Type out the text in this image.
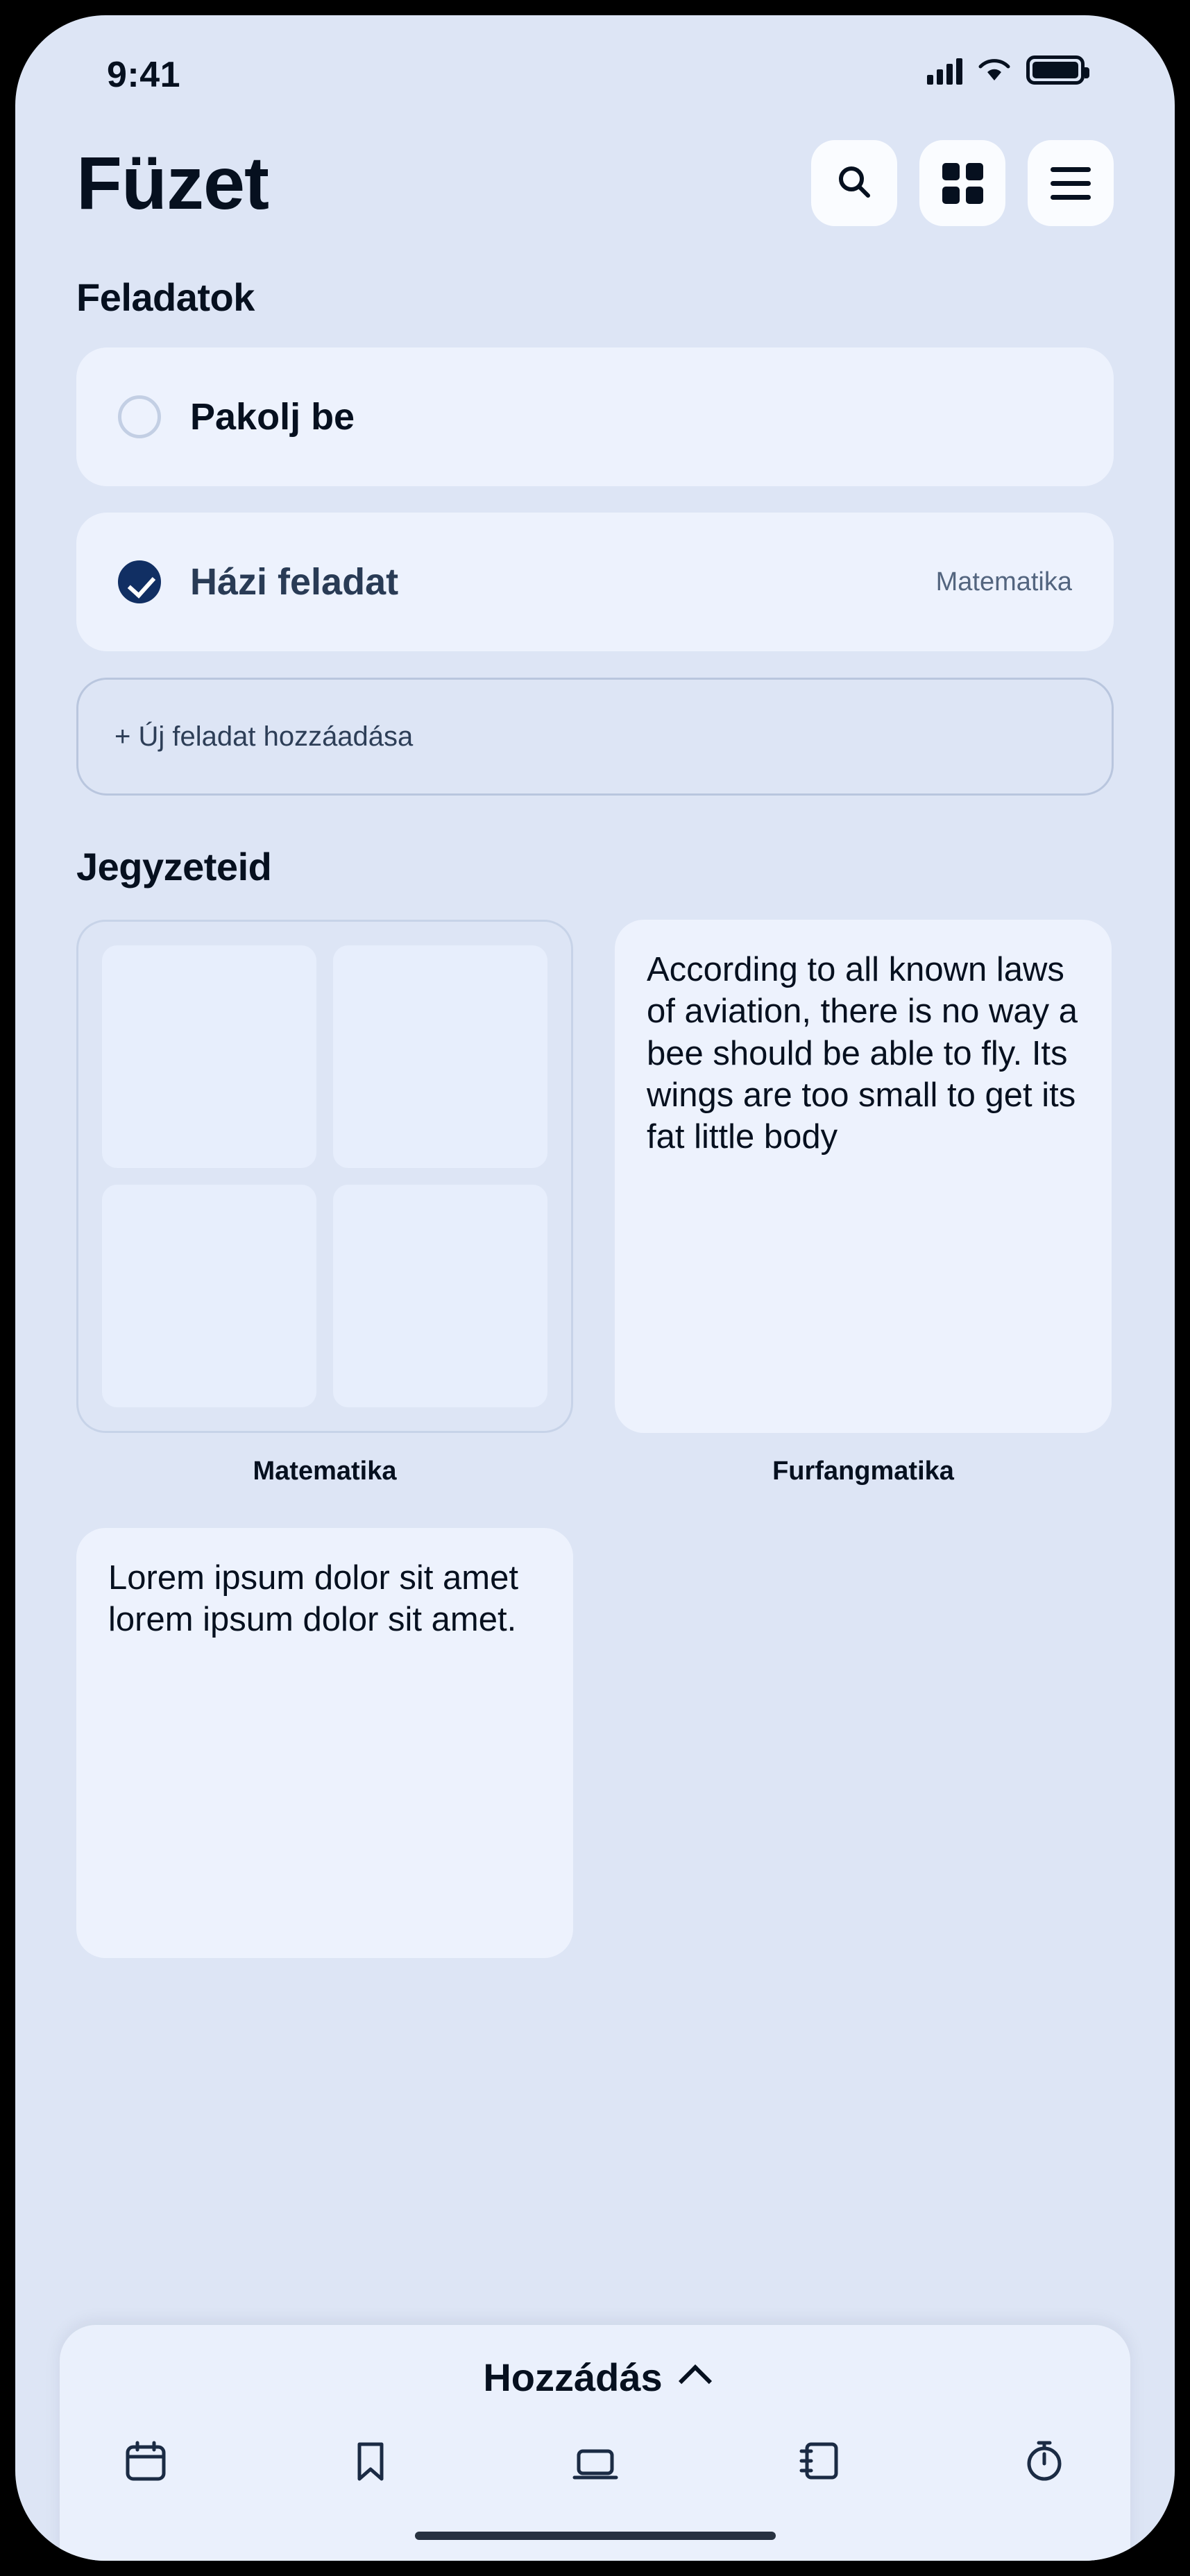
9:41
Füzet
Feladatok
Pakolj be
Házi feladat	Matematika
+ Új feladat hozzáadása
Jegyzeteid
Matematika
According to all known laws of aviation, there is no way a bee should be able to fly. Its wings are too small to get its fat little body
Furfangmatika
Lorem ipsum dolor sit amet lorem ipsum dolor sit amet.
Hozzádás
